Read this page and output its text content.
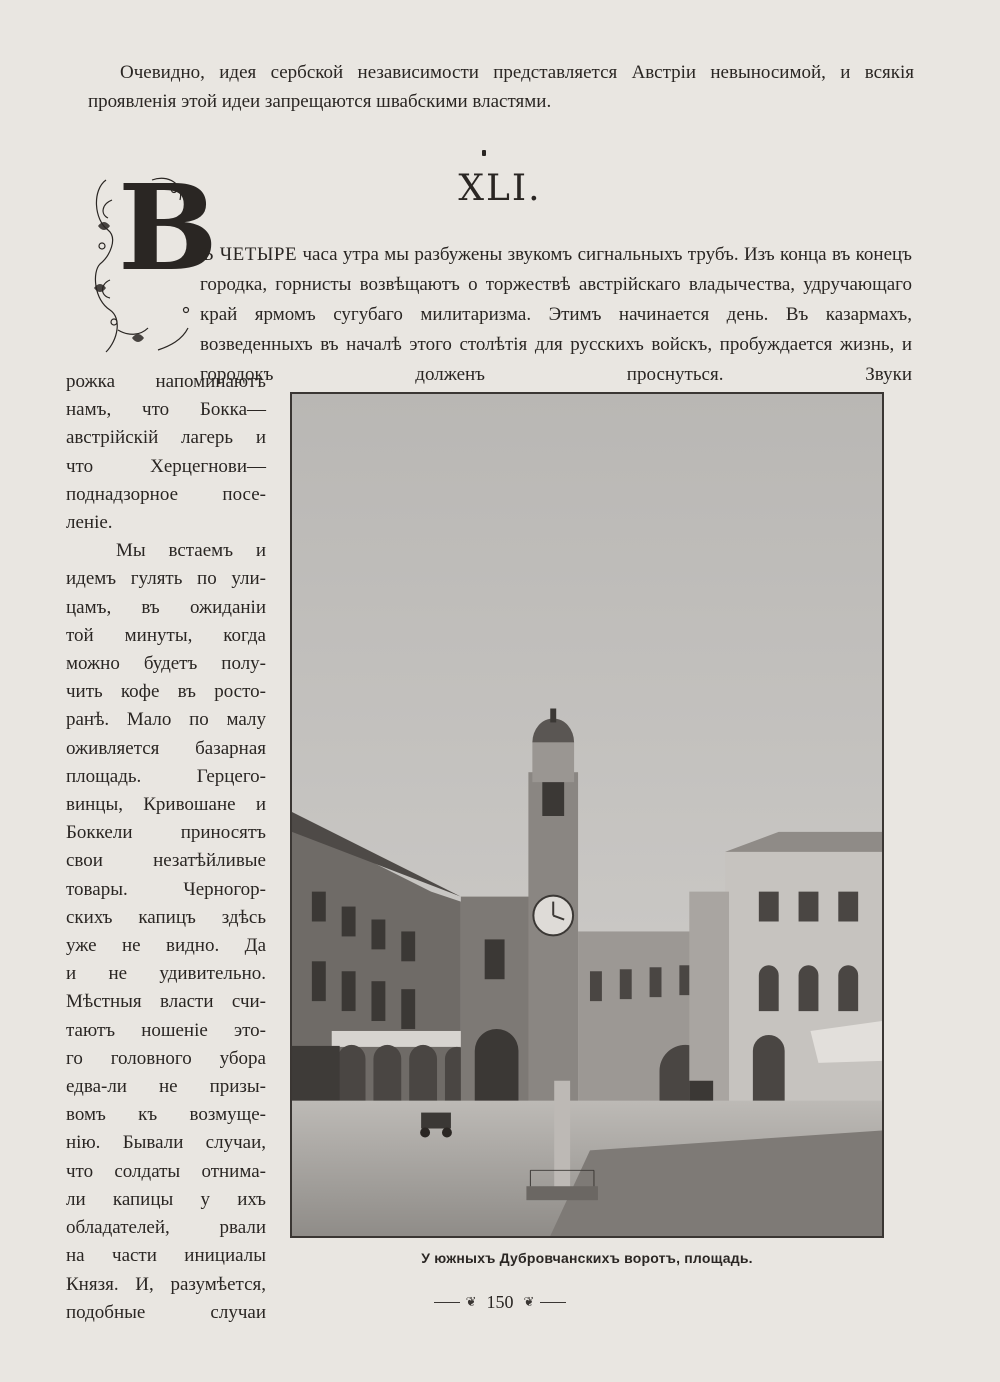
Очевидно, идея сербской независимости представляется Австріи невыносимой, и всякія проявленія этой идеи запрещаются швабскими властями.

XLI.
В

Ъ ЧЕТЫРЕ часа утра мы разбужены звукомъ сигнальныхъ трубъ. Изъ конца въ конецъ городка, горнисты возвѣщаютъ о торжествѣ австрійскаго владычества, удручающаго край ярмомъ сугубаго милитаризма. Этимъ начинается день. Въ казармахъ, возведенныхъ въ началѣ этого столѣтія для русскихъ войскъ, пробуждается жизнь, и городокъ долженъ проснуться. Звуки

рожка напоминаютъ

намъ, что Бокка—

австрійскій лагерь и

что Херцегнови—

поднадзорное посе-

леніе.

Мы встаемъ и

идемъ гулять по ули-

цамъ, въ ожиданіи

той минуты, когда

можно будетъ полу-

чить кофе въ росто-

ранѣ. Мало по малу

оживляется базарная

площадь. Герцего-

винцы, Кривошане и

Боккели приносятъ

свои незатѣйливые

товары. Черногор-

скихъ капицъ здѣсь

уже не видно. Да

и не удивительно.

Мѣстныя власти счи-

таютъ ношеніе это-

го головного убора

едва-ли не призы-

вомъ къ возмуще-

нію. Бывали случаи,

что солдаты отнима-

ли капицы у ихъ

обладателей, рвали

на части инициалы

Князя. И, разумѣется,

подобные случаи

У южныхъ Дубровчанскихъ воротъ, площадь.
❦ 150 ❦
